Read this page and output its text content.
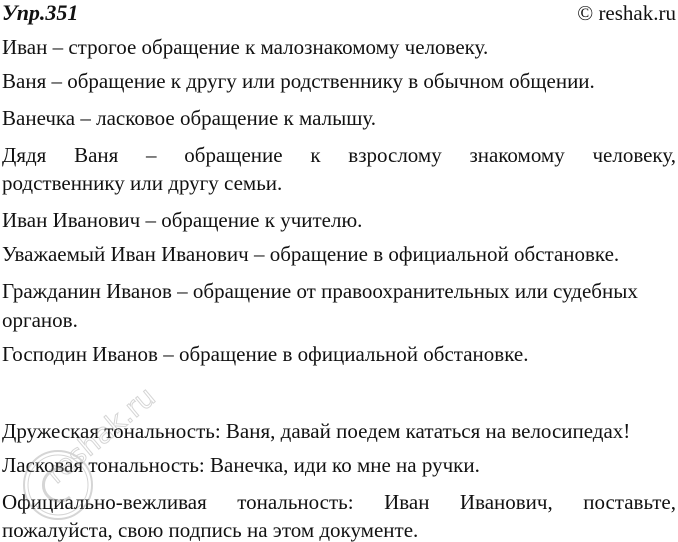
Упр.351	© reshak.ru
Иван – строгое обращение к малознакомому человеку.
Ваня – обращение к другу или родственнику в обычном общении.
Ванечка – ласковое обращение к малышу.
Дядя Ваня – обращение к взрослому знакомому человеку,
родственнику или другу семьи.
Иван Иванович – обращение к учителю.
Уважаемый Иван Иванович – обращение в официальной обстановке.
Гражданин Иванов – обращение от правоохранительных или судебных
органов.
Господин Иванов – обращение в официальной обстановке.
Дружеская тональность: Ваня, давай поедем кататься на велосипедах!
Ласковая тональность: Ванечка, иди ко мне на ручки.
Официально-вежливая тональность: Иван Иванович, поставьте,
пожалуйста, свою подпись на этом документе.
reshak.ru
